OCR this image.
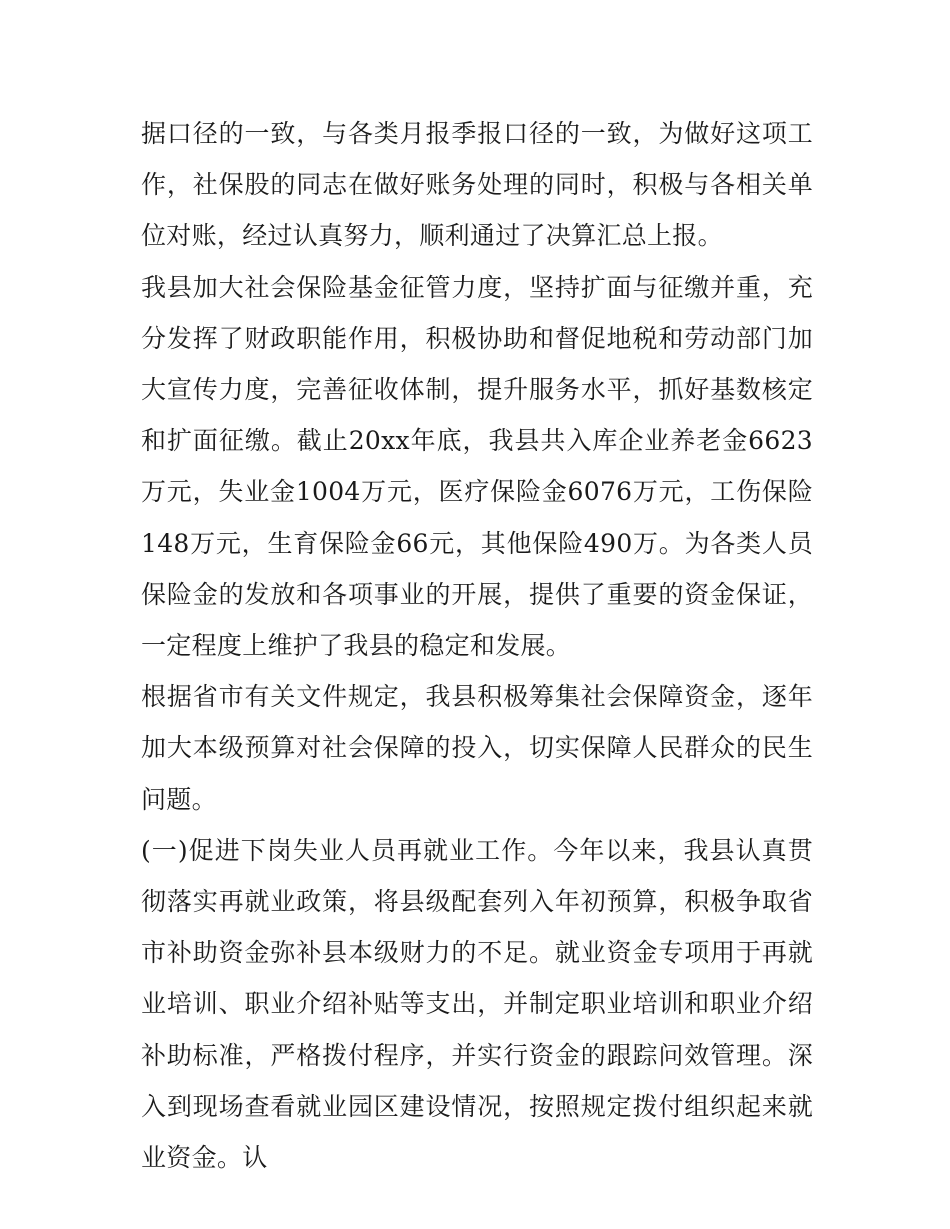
据口径的一致，与各类月报季报口径的一致，为做好这项工作，社保股的同志在做好账务处理的同时，积极与各相关单位对账，经过认真努力，顺利通过了决算汇总上报。

我县加大社会保险基金征管力度，坚持扩面与征缴并重，充分发挥了财政职能作用，积极协助和督促地税和劳动部门加大宣传力度，完善征收体制，提升服务水平，抓好基数核定和扩面征缴。截止20xx年底，我县共入库企业养老金6623万元，失业金1004万元，医疗保险金6076万元，工伤保险148万元，生育保险金66元，其他保险490万。为各类人员保险金的发放和各项事业的开展，提供了重要的资金保证，一定程度上维护了我县的稳定和发展。

根据省市有关文件规定，我县积极筹集社会保障资金，逐年加大本级预算对社会保障的投入，切实保障人民群众的民生问题。

(一)促进下岗失业人员再就业工作。今年以来，我县认真贯彻落实再就业政策，将县级配套列入年初预算，积极争取省市补助资金弥补县本级财力的不足。就业资金专项用于再就业培训、职业介绍补贴等支出，并制定职业培训和职业介绍补助标准，严格拨付程序，并实行资金的跟踪问效管理。深入到现场查看就业园区建设情况，按照规定拨付组织起来就业资金。认
